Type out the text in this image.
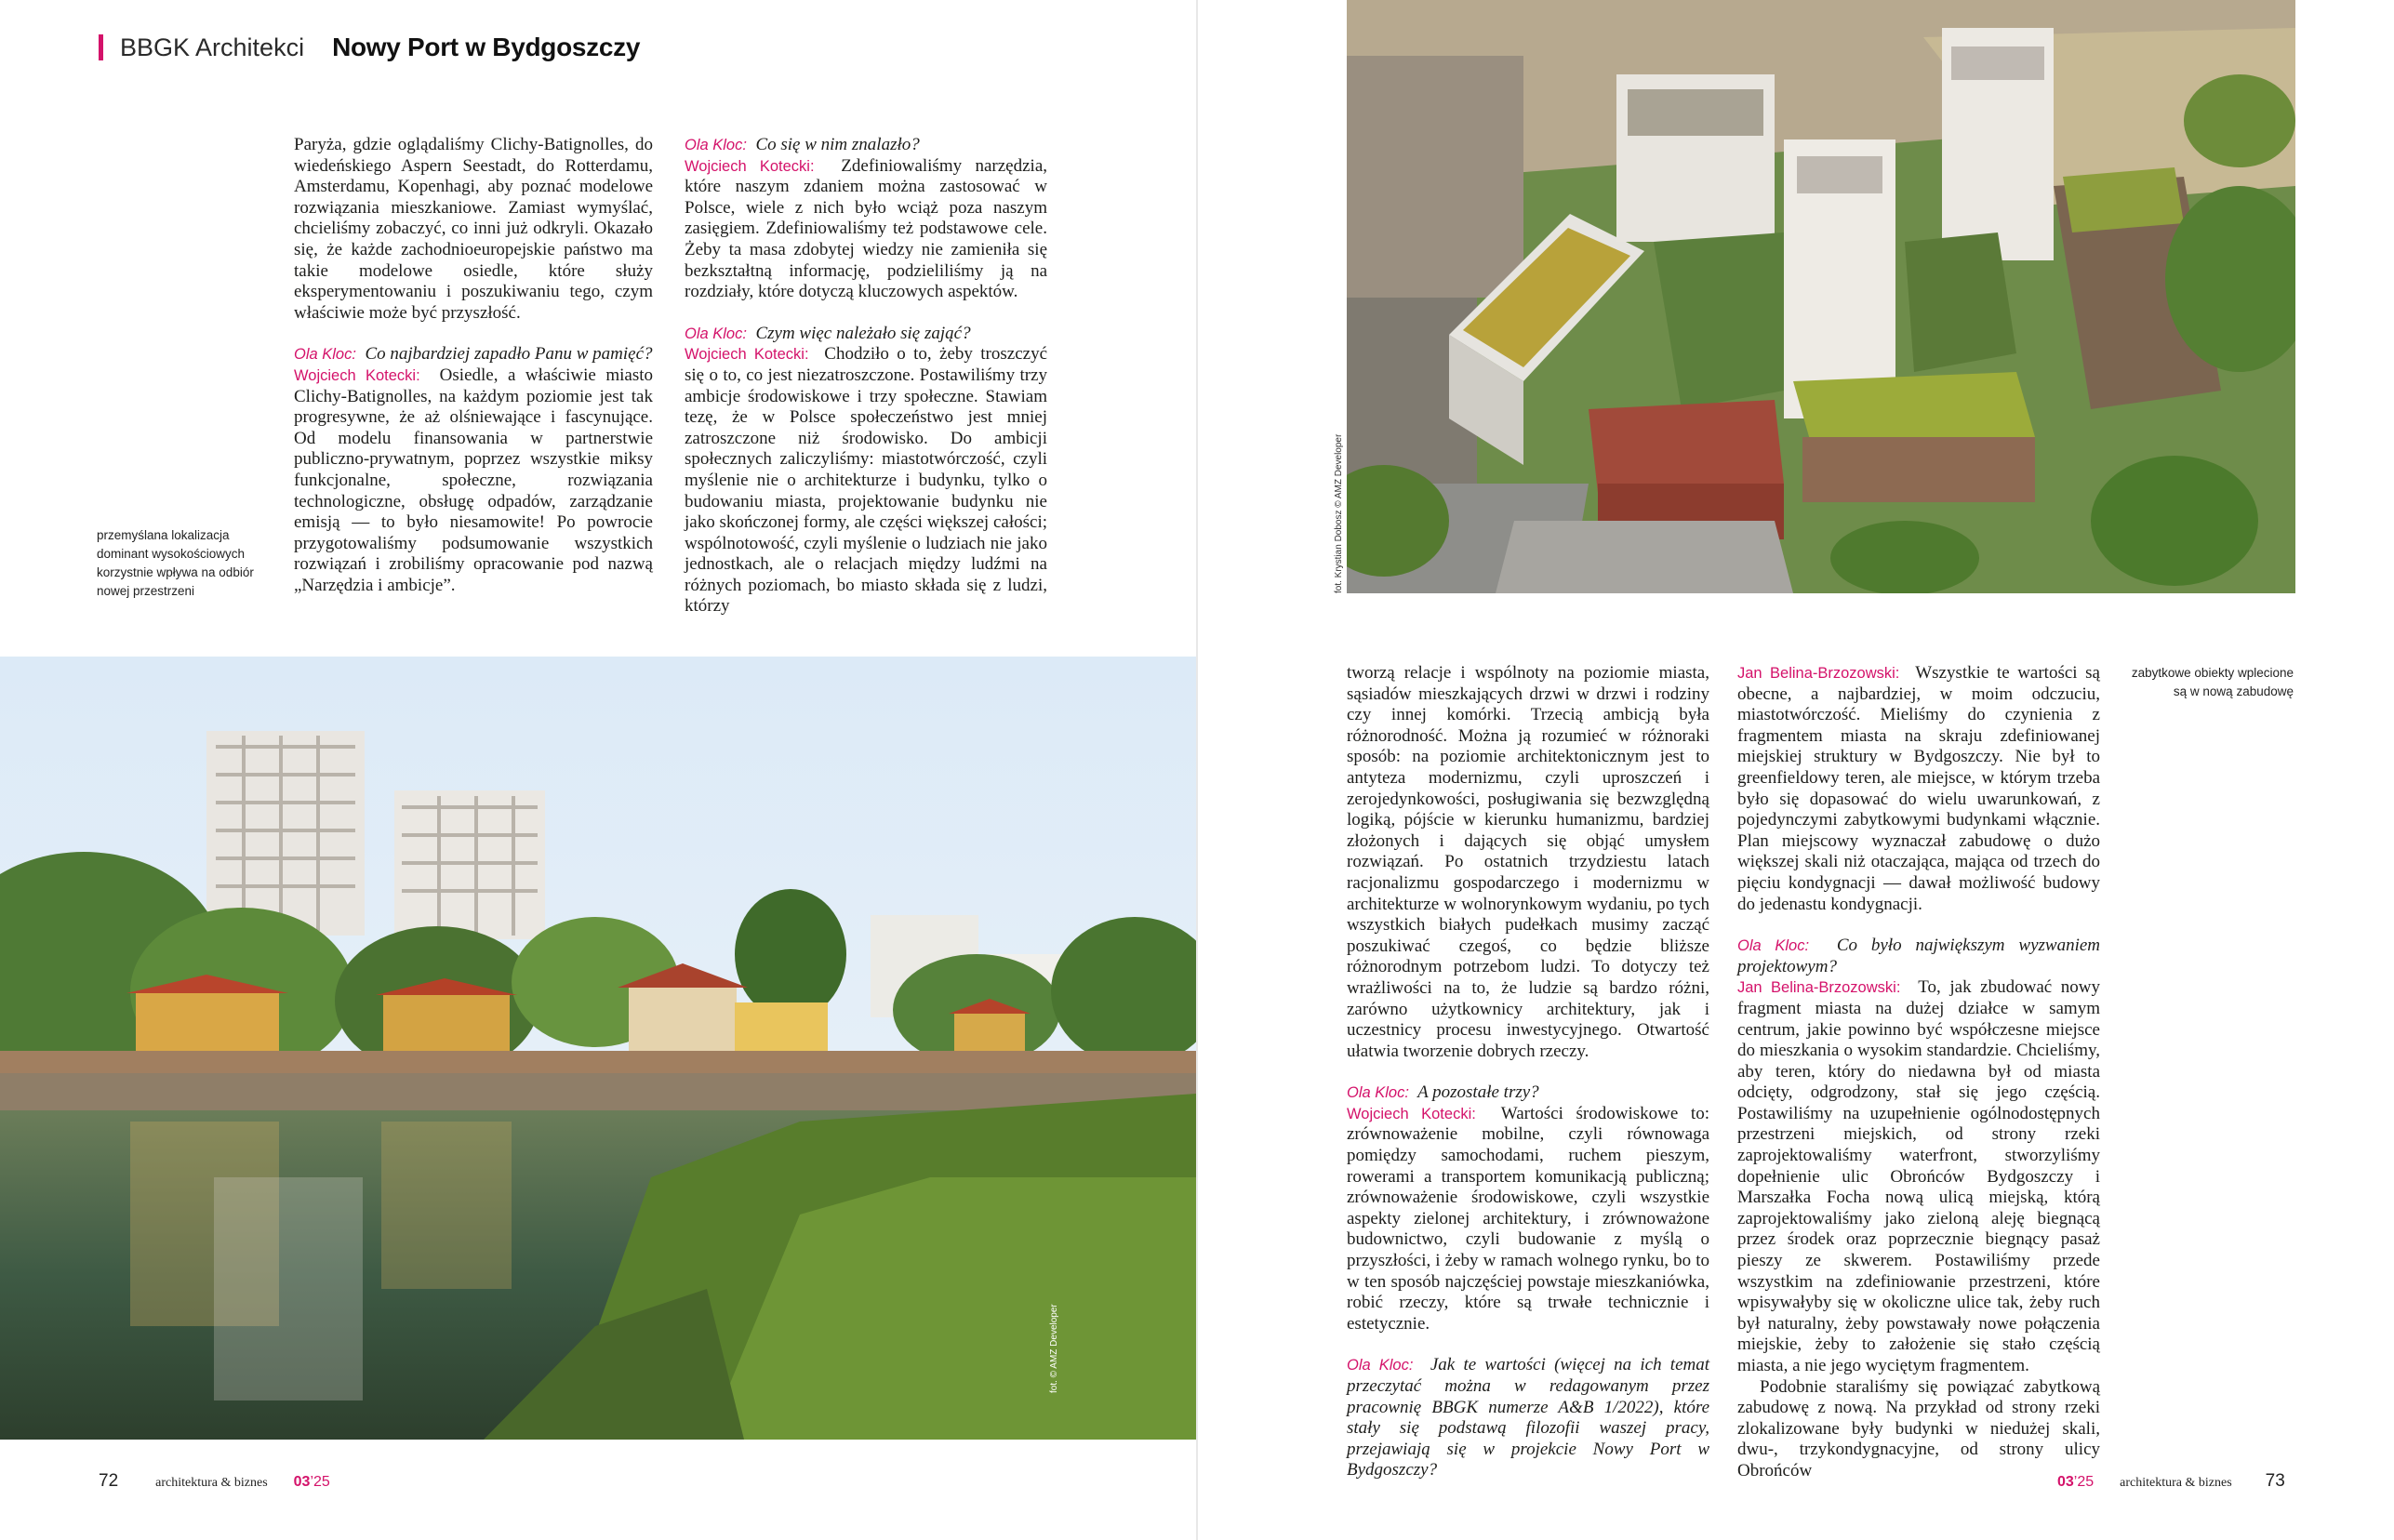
BBGK Architekci Nowy Port w Bydgoszczy

Paryża, gdzie oglądaliśmy Clichy-Batignolles, do wiedeńskiego Aspern Seestadt, do Rotterdamu, Amsterdamu, Kopenhagi, aby poznać modelowe rozwiązania mieszkaniowe. Zamiast wymyślać, chcieliśmy zobaczyć, co inni już odkryli. Okazało się, że każde zachodnioeuropejskie państwo ma takie modelowe osiedle, które służy eksperymentowaniu i poszukiwaniu tego, czym właściwie może być przyszłość.

Ola Kloc: Co najbardziej zapadło Panu w pamięć?

Wojciech Kotecki: Osiedle, a właściwie miasto Clichy-Batignolles, na każdym poziomie jest tak progresywne, że aż olśniewające i fascynujące. Od modelu finansowania w partnerstwie publiczno-prywatnym, poprzez wszystkie miksy funkcjonalne, społeczne, rozwiązania technologiczne, obsługę odpadów, zarządzanie emisją — to było niesamowite! Po powrocie przygotowaliśmy podsumowanie wszystkich rozwiązań i zrobiliśmy opracowanie pod nazwą „Narzędzia i ambicje”.

Ola Kloc: Co się w nim znalazło?

Wojciech Kotecki: Zdefiniowaliśmy narzędzia, które naszym zdaniem można zastosować w Polsce, wiele z nich było wciąż poza naszym zasięgiem. Zdefiniowaliśmy też podstawowe cele. Żeby ta masa zdobytej wiedzy nie zamieniła się bezkształtną informację, podzieliliśmy ją na rozdziały, które dotyczą kluczowych aspektów.

Ola Kloc: Czym więc należało się zająć?

Wojciech Kotecki: Chodziło o to, żeby troszczyć się o to, co jest niezatroszczone. Postawiliśmy trzy ambicje środowiskowe i trzy społeczne. Stawiam tezę, że w Polsce społeczeństwo jest mniej zatroszczone niż środowisko. Do ambicji społecznych zaliczyliśmy: miastotwórczość, czyli myślenie nie o architekturze i budynku, tylko o budowaniu miasta, projektowanie budynku nie jako skończonej formy, ale części większej całości; wspólnotowość, czyli myślenie o ludziach nie jako jednostkach, ale o relacjach między ludźmi na różnych poziomach, bo miasto składa się z ludzi, którzy

przemyślana lokalizacja dominant wysokościowych korzystnie wpływa na odbiór nowej przestrzeni
fot. © AMZ Developer
72	architektura & biznes 03 ’25
fot. Krystian Dobosz © AMZ Developer
zabytkowe obiekty wplecione są w nową zabudowę

tworzą relacje i wspólnoty na poziomie miasta, sąsiadów mieszkających drzwi w drzwi i rodziny czy innej komórki. Trzecią ambicją była różnorodność. Można ją rozumieć w różnoraki sposób: na poziomie architektonicznym jest to antyteza modernizmu, czyli uproszczeń i zerojedynkowości, posługiwania się bezwzględną logiką, pójście w kierunku humanizmu, bardziej złożonych i dających się objąć umysłem rozwiązań. Po ostatnich trzydziestu latach racjonalizmu gospodarczego i modernizmu w architekturze w wolnorynkowym wydaniu, po tych wszystkich białych pudełkach musimy zacząć poszukiwać czegoś, co będzie bliższe różnorodnym potrzebom ludzi. To dotyczy też wrażliwości na to, że ludzie są bardzo różni, zarówno użytkownicy architektury, jak i uczestnicy procesu inwestycyjnego. Otwartość ułatwia tworzenie dobrych rzeczy.

Ola Kloc: A pozostałe trzy?

Wojciech Kotecki: Wartości środowiskowe to: zrównoważenie mobilne, czyli równowaga pomiędzy samochodami, ruchem pieszym, rowerami a transportem komunikacją publiczną; zrównoważenie środowiskowe, czyli wszystkie aspekty zielonej architektury, i zrównoważone budownictwo, czyli budowanie z myślą o przyszłości, i żeby w ramach wolnego rynku, bo to w ten sposób najczęściej powstaje mieszkaniówka, robić rzeczy, które są trwałe technicznie i estetycznie.

Ola Kloc: Jak te wartości (więcej na ich temat przeczytać można w redagowanym przez pracownię BBGK numerze A&B 1/2022), które stały się podstawą filozofii waszej pracy, przejawiają się w projekcie Nowy Port w Bydgoszczy?

Jan Belina-Brzozowski: Wszystkie te wartości są obecne, a najbardziej, w moim odczuciu, miastotwórczość. Mieliśmy do czynienia z fragmentem miasta na skraju zdefiniowanej miejskiej struktury w Bydgoszczy. Nie był to greenfieldowy teren, ale miejsce, w którym trzeba było się dopasować do wielu uwarunkowań, z pojedynczymi zabytkowymi budynkami włącznie. Plan miejscowy wyznaczał zabudowę o dużo większej skali niż otaczająca, mająca od trzech do pięciu kondygnacji — dawał możliwość budowy do jedenastu kondygnacji.

Ola Kloc: Co było największym wyzwaniem projektowym?

Jan Belina-Brzozowski: To, jak zbudować nowy fragment miasta na dużej działce w samym centrum, jakie powinno być współczesne miejsce do mieszkania o wysokim standardzie. Chcieliśmy, aby teren, który do niedawna był od miasta odcięty, odgrodzony, stał się jego częścią. Postawiliśmy na uzupełnienie ogólnodostępnych przestrzeni miejskich, od strony rzeki zaprojektowaliśmy waterfront, stworzyliśmy dopełnienie ulic Obrońców Bydgoszczy i Marszałka Focha nową ulicą miejską, którą zaprojektowaliśmy jako zieloną aleję biegnącą przez środek oraz poprzecznie biegnący pasaż pieszy ze skwerem. Postawiliśmy przede wszystkim na zdefiniowanie przestrzeni, które wpisywałyby się w okoliczne ulice tak, żeby ruch był naturalny, żeby powstawały nowe połączenia miejskie, żeby to założenie się stało częścią miasta, a nie jego wyciętym fragmentem.

Podobnie staraliśmy się powiązać zabytkową zabudowę z nową. Na przykład od strony rzeki zlokalizowane były budynki w niedużej skali, dwu-, trzykondygnacyjne, od strony ulicy Obrońców

03 ’25 architektura & biznes 73
